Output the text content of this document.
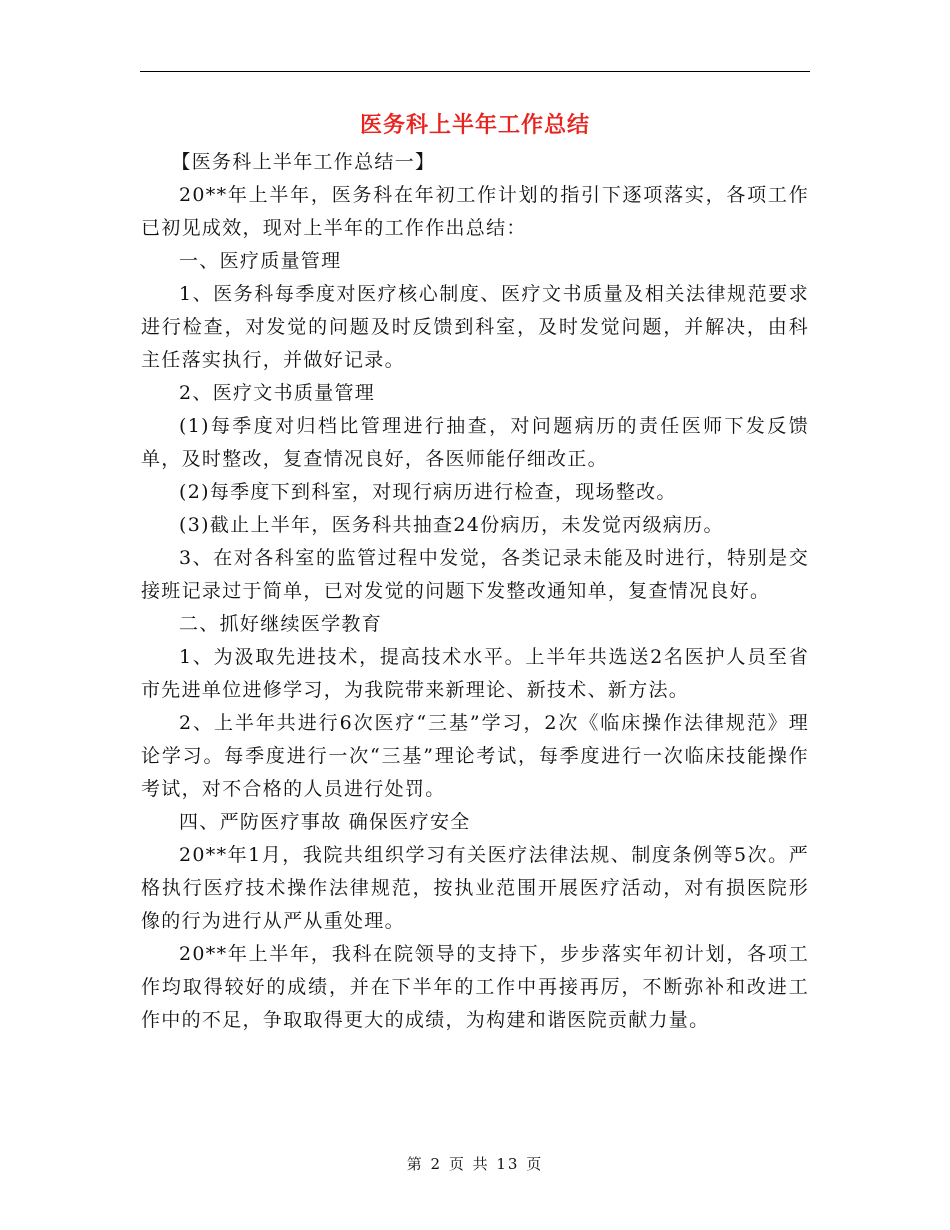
医务科上半年工作总结

【医务科上半年工作总结一】

20**年上半年，医务科在年初工作计划的指引下逐项落实，各项工作已初见成效，现对上半年的工作作出总结：

一、医疗质量管理

1、医务科每季度对医疗核心制度、医疗文书质量及相关法律规范要求进行检查，对发觉的问题及时反馈到科室，及时发觉问题，并解决，由科主任落实执行，并做好记录。

2、医疗文书质量管理

(1)每季度对归档比管理进行抽查，对问题病历的责任医师下发反馈单，及时整改，复查情况良好，各医师能仔细改正。

(2)每季度下到科室，对现行病历进行检查，现场整改。

(3)截止上半年，医务科共抽查24份病历，未发觉丙级病历。

3、在对各科室的监管过程中发觉，各类记录未能及时进行，特别是交接班记录过于简单，已对发觉的问题下发整改通知单，复查情况良好。

二、抓好继续医学教育

1、为汲取先进技术，提高技术水平。上半年共选送2名医护人员至省市先进单位进修学习，为我院带来新理论、新技术、新方法。

2、上半年共进行6次医疗“三基”学习，2次《临床操作法律规范》理论学习。每季度进行一次“三基”理论考试，每季度进行一次临床技能操作考试，对不合格的人员进行处罚。

四、严防医疗事故 确保医疗安全

20**年1月，我院共组织学习有关医疗法律法规、制度条例等5次。严格执行医疗技术操作法律规范，按执业范围开展医疗活动，对有损医院形像的行为进行从严从重处理。

20**年上半年，我科在院领导的支持下，步步落实年初计划，各项工作均取得较好的成绩，并在下半年的工作中再接再厉，不断弥补和改进工作中的不足，争取取得更大的成绩，为构建和谐医院贡献力量。

第 2 页 共 13 页
